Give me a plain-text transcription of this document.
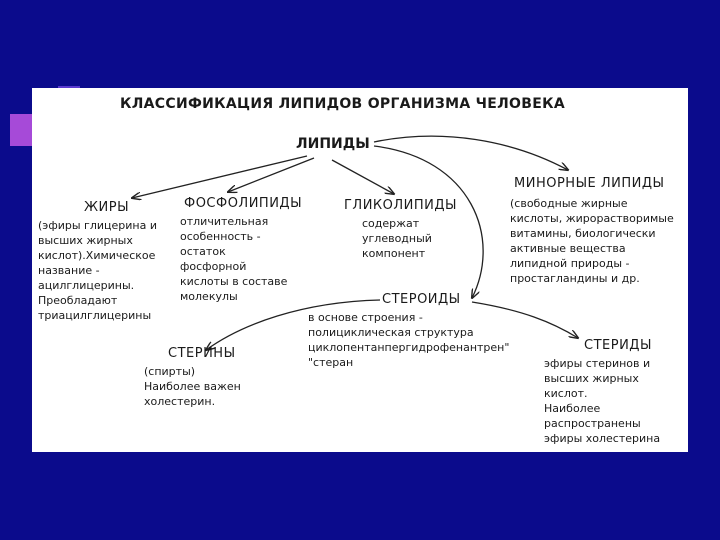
КЛАССИФИКАЦИЯ ЛИПИДОВ ОРГАНИЗМА ЧЕЛОВЕКА
ЛИПИДЫ
ЖИРЫ
(эфиры глицерина и
высших жирных
кислот).Химическое
название -
ацилглицерины.
Преобладают
триацилглицерины
ФОСФОЛИПИДЫ
отличительная
особенность -
остаток
фосфорной
кислоты в составе
молекулы
ГЛИКОЛИПИДЫ
содержат
углеводный
компонент
МИНОРНЫЕ ЛИПИДЫ
(свободные жирные
кислоты, жирорастворимые
витамины, биологически
активные вещества
липидной природы -
простагландины и др.
СТЕРОИДЫ
в основе строения -
полициклическая структура
циклопентанпергидрофенантрен"
"стеран
СТЕРИНЫ
(спирты)
Наиболее важен
холестерин.
СТЕРИДЫ
эфиры стеринов и
высших жирных
кислот.
Наиболее
распространены
эфиры холестерина
